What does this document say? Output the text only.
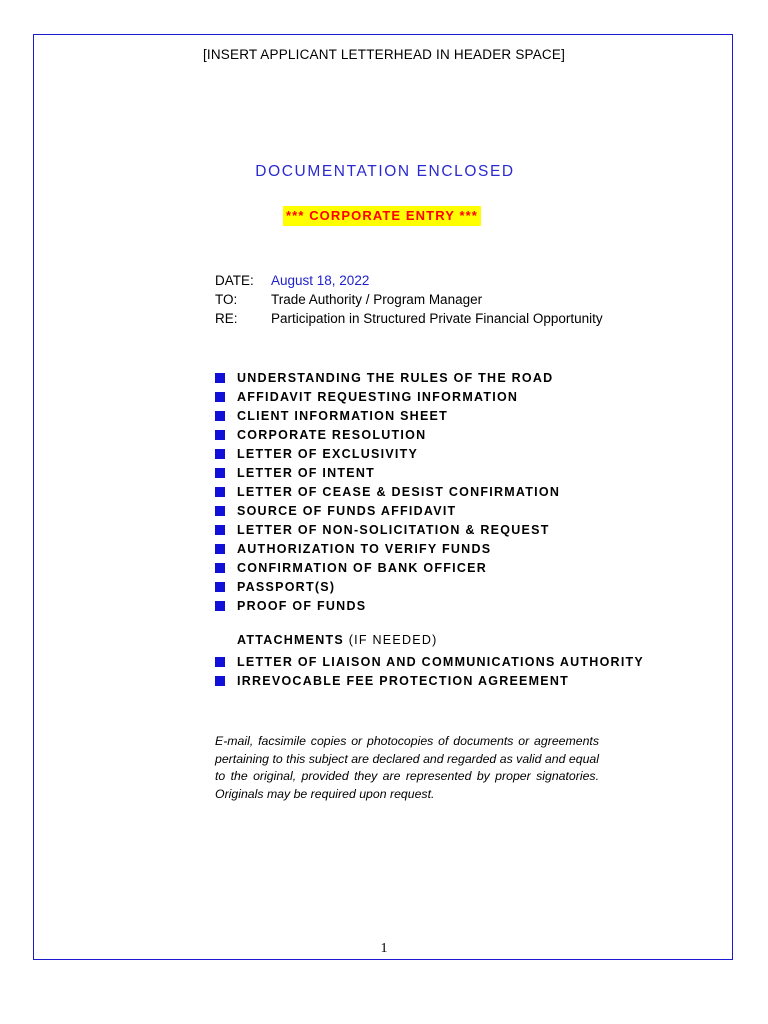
[INSERT APPLICANT LETTERHEAD IN HEADER SPACE]
DOCUMENTATION ENCLOSED
*** CORPORATE ENTRY ***
DATE:	August 18, 2022
TO:	Trade Authority / Program Manager
RE:	Participation in Structured Private Financial Opportunity
UNDERSTANDING THE RULES OF THE ROAD
AFFIDAVIT REQUESTING INFORMATION
CLIENT INFORMATION SHEET
CORPORATE RESOLUTION
LETTER OF EXCLUSIVITY
LETTER OF INTENT
LETTER OF CEASE & DESIST CONFIRMATION
SOURCE OF FUNDS AFFIDAVIT
LETTER OF NON-SOLICITATION & REQUEST
AUTHORIZATION TO VERIFY FUNDS
CONFIRMATION OF BANK OFFICER
PASSPORT(S)
PROOF OF FUNDS
ATTACHMENTS (IF NEEDED)
LETTER OF LIAISON AND COMMUNICATIONS AUTHORITY
IRREVOCABLE FEE PROTECTION AGREEMENT

E-mail, facsimile copies or photocopies of documents or agreements pertaining to this subject are declared and regarded as valid and equal to the original, provided they are represented by proper signatories. Originals may be required upon request.

1
